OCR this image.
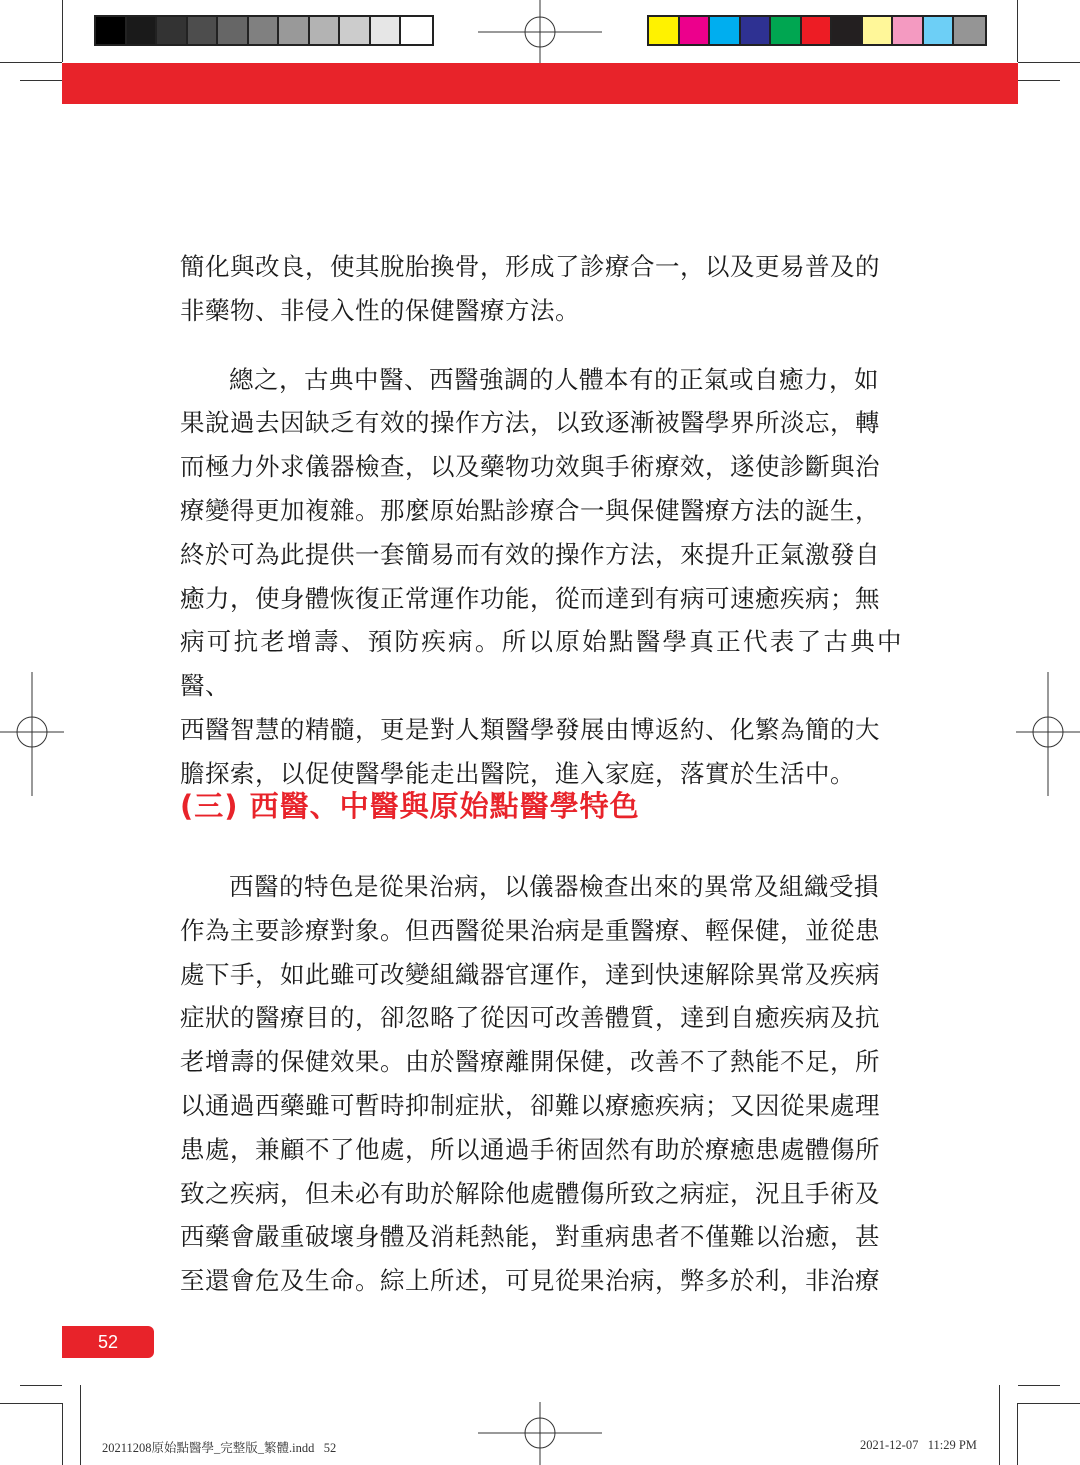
簡化與改良，使其脫胎換骨，形成了診療合一，以及更易普及的

非藥物、非侵入性的保健醫療方法。

總之，古典中醫、西醫強調的人體本有的正氣或自癒力，如

果說過去因缺乏有效的操作方法，以致逐漸被醫學界所淡忘，轉

而極力外求儀器檢查，以及藥物功效與手術療效，遂使診斷與治

療變得更加複雜。那麼原始點診療合一與保健醫療方法的誕生，

終於可為此提供一套簡易而有效的操作方法，來提升正氣激發自

癒力，使身體恢復正常運作功能，從而達到有病可速癒疾病；無

病可抗老增壽、預防疾病。所以原始點醫學真正代表了古典中醫、

西醫智慧的精髓，更是對人類醫學發展由博返約、化繁為簡的大

膽探索，以促使醫學能走出醫院，進入家庭，落實於生活中。

(三) 西醫、中醫與原始點醫學特色

西醫的特色是從果治病，以儀器檢查出來的異常及組織受損

作為主要診療對象。但西醫從果治病是重醫療、輕保健，並從患

處下手，如此雖可改變組織器官運作，達到快速解除異常及疾病

症狀的醫療目的，卻忽略了從因可改善體質，達到自癒疾病及抗

老增壽的保健效果。由於醫療離開保健，改善不了熱能不足，所

以通過西藥雖可暫時抑制症狀，卻難以療癒疾病；又因從果處理

患處，兼顧不了他處，所以通過手術固然有助於療癒患處體傷所

致之疾病，但未必有助於解除他處體傷所致之病症，況且手術及

西藥會嚴重破壞身體及消耗熱能，對重病患者不僅難以治癒，甚

至還會危及生命。綜上所述，可見從果治病，弊多於利，非治療

52
20211208原始點醫學_完整版_繁體.indd   52	2021-12-07   11:29 PM
